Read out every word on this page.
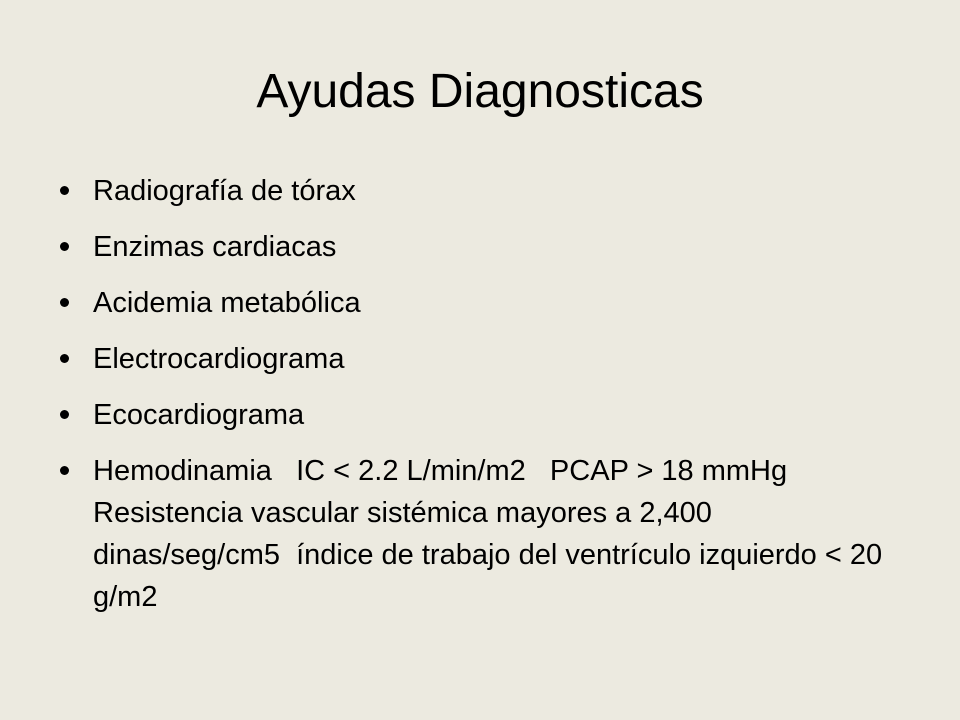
Ayudas Diagnosticas
Radiografía de tórax
Enzimas cardiacas
Acidemia metabólica
Electrocardiograma
Ecocardiograma
Hemodinamia   IC < 2.2 L/min/m2   PCAP > 18 mmHg   Resistencia vascular sistémica mayores a 2,400 dinas/seg/cm5  índice de trabajo del ventrículo izquierdo < 20 g/m2
